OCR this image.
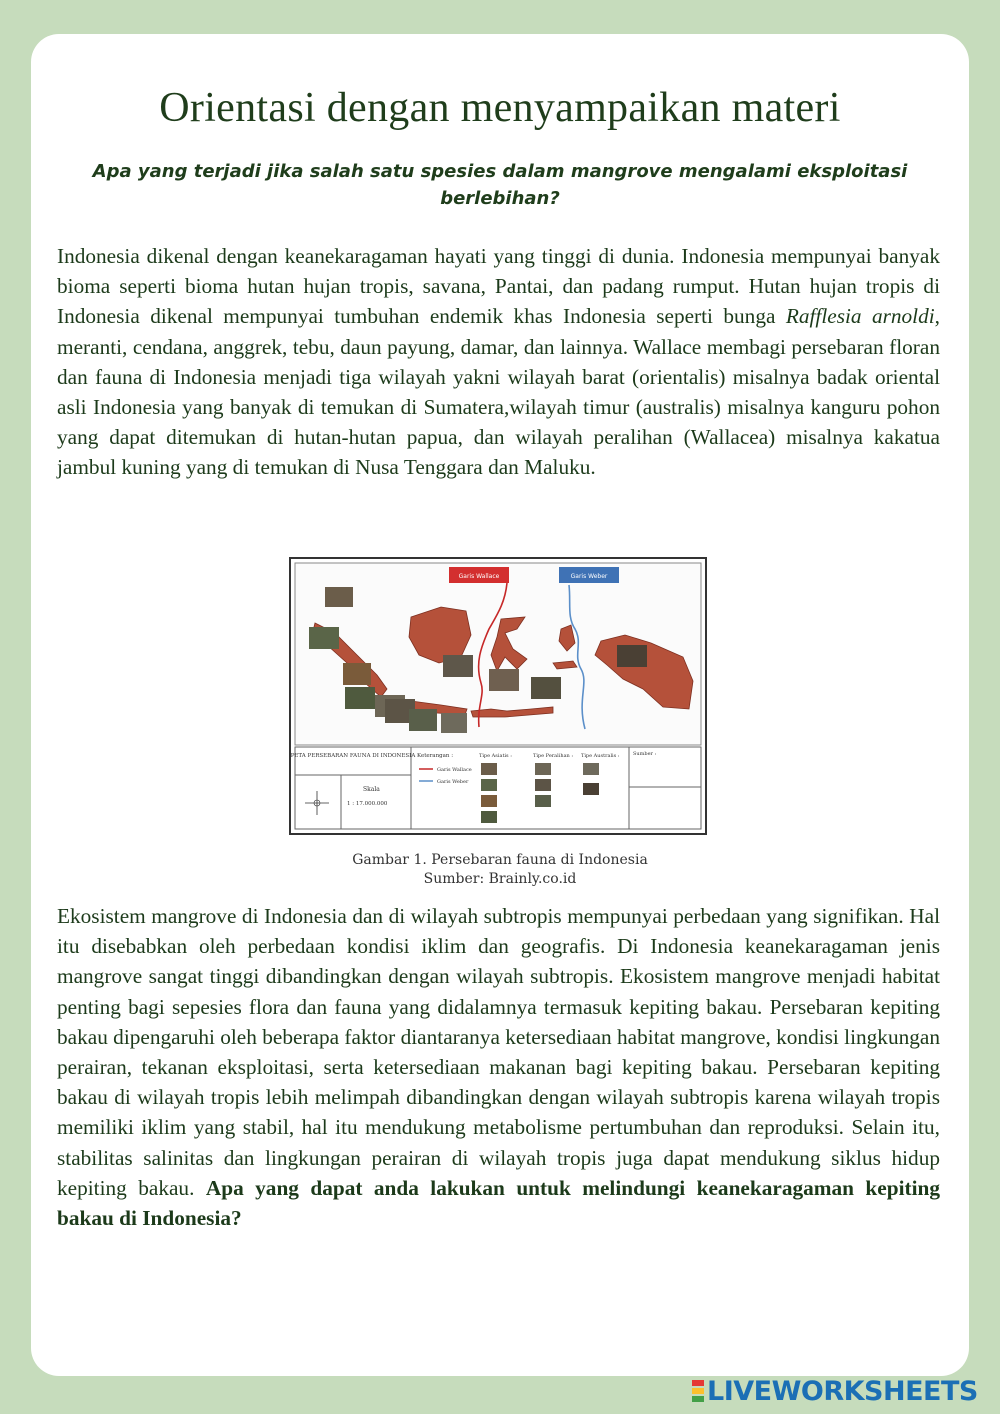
Orientasi dengan menyampaikan materi
Apa yang terjadi jika salah satu spesies dalam mangrove mengalami eksploitasi berlebihan?
Indonesia dikenal dengan keanekaragaman hayati yang tinggi di dunia. Indonesia mempunyai banyak bioma seperti bioma hutan hujan tropis, savana, Pantai, dan padang rumput. Hutan hujan tropis di Indonesia dikenal mempunyai tumbuhan endemik khas Indonesia seperti bunga Rafflesia arnoldi, meranti, cendana, anggrek, tebu, daun payung, damar, dan lainnya. Wallace membagi persebaran floran dan fauna di Indonesia menjadi tiga wilayah yakni wilayah barat (orientalis) misalnya badak oriental asli Indonesia yang banyak di temukan di Sumatera,wilayah timur (australis) misalnya kanguru pohon yang dapat ditemukan di hutan-hutan papua, dan wilayah peralihan (Wallacea) misalnya kakatua jambul kuning yang di temukan di Nusa Tenggara dan Maluku.
Garis Wallace	Garis Weber
PETA PERSEBARAN FAUNA DI INDONESIA
Skala
1 : 17.000.000
Keterangan :
Garis Wallace
Garis Weber
Tipe Asiatis :	Tipe Peralihan : Tipe Australis :	Sumber :
Gambar 1. Persebaran fauna di Indonesia
Sumber: Brainly.co.id
Ekosistem mangrove di Indonesia dan di wilayah subtropis mempunyai perbedaan yang signifikan. Hal itu disebabkan oleh perbedaan kondisi iklim dan geografis. Di Indonesia keanekaragaman jenis mangrove sangat tinggi dibandingkan dengan wilayah subtropis. Ekosistem mangrove menjadi habitat penting bagi sepesies flora dan fauna yang didalamnya termasuk kepiting bakau. Persebaran kepiting bakau dipengaruhi oleh beberapa faktor diantaranya ketersediaan habitat mangrove, kondisi lingkungan perairan, tekanan eksploitasi, serta ketersediaan makanan bagi kepiting bakau. Persebaran kepiting bakau di wilayah tropis lebih melimpah dibandingkan dengan wilayah subtropis karena wilayah tropis memiliki iklim yang stabil, hal itu mendukung metabolisme pertumbuhan dan reproduksi. Selain itu, stabilitas salinitas dan lingkungan perairan di wilayah tropis juga dapat mendukung siklus hidup kepiting bakau. Apa yang dapat anda lakukan untuk melindungi keanekaragaman kepiting bakau di Indonesia?
LIVEWORKSHEETS
